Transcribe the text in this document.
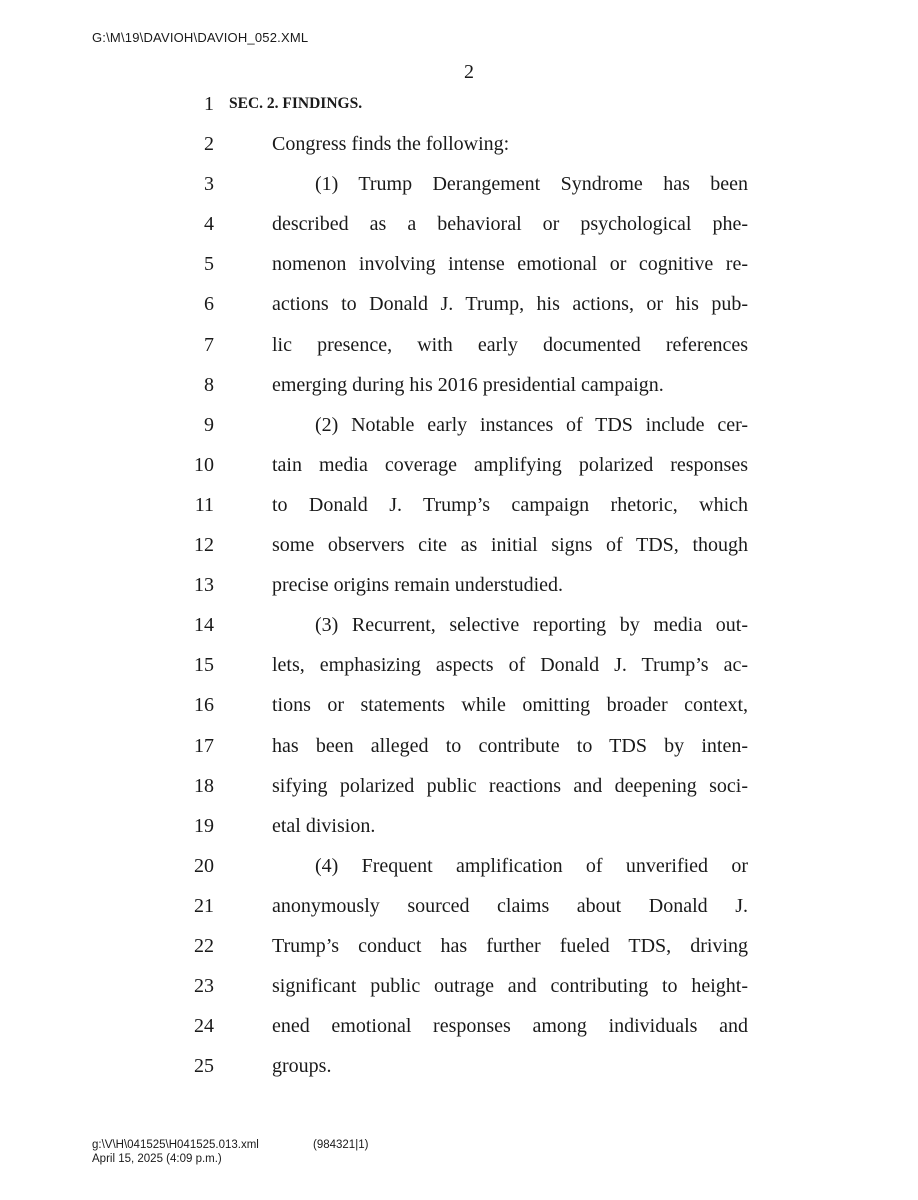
G:\M\19\DAVIOH\DAVIOH_052.XML
2
1 SEC. 2. FINDINGS.
2	Congress finds the following:
3	(1) Trump Derangement Syndrome has been
4	described as a behavioral or psychological phe-
5	nomenon involving intense emotional or cognitive re-
6	actions to Donald J. Trump, his actions, or his pub-
7	lic presence, with early documented references
8	emerging during his 2016 presidential campaign.
9	(2) Notable early instances of TDS include cer-
10	tain media coverage amplifying polarized responses
11	to Donald J. Trump’s campaign rhetoric, which
12	some observers cite as initial signs of TDS, though
13	precise origins remain understudied.
14	(3) Recurrent, selective reporting by media out-
15	lets, emphasizing aspects of Donald J. Trump’s ac-
16	tions or statements while omitting broader context,
17	has been alleged to contribute to TDS by inten-
18	sifying polarized public reactions and deepening soci-
19	etal division.
20	(4) Frequent amplification of unverified or
21	anonymously sourced claims about Donald J.
22	Trump’s conduct has further fueled TDS, driving
23	significant public outrage and contributing to height-
24	ened emotional responses among individuals and
25	groups.
g:\V\H\041525\H041525.013.xml	(984321|1)
April 15, 2025 (4:09 p.m.)
